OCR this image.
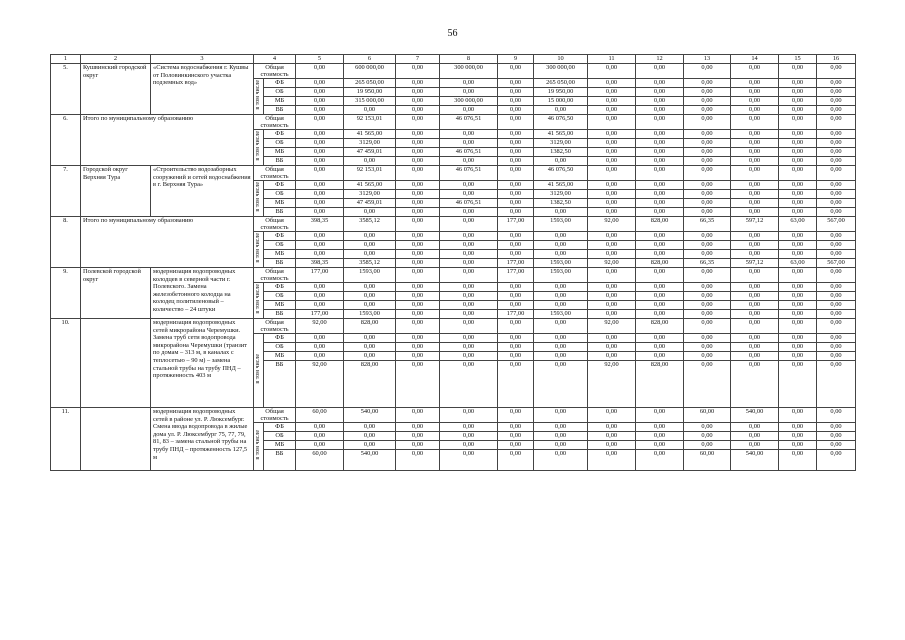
56
1	2	3	4		5	6	7	8	9	10	11	12	13	14	15	16
5.	Кушвинский городской округ	«Система водоснабжения г. Кушвы от Половинкинского участка подземных вод»	Общая стоимость		0,00	600 000,00	0,00	300 000,00	0,00	300 000,00	0,00	0,00	0,00	0,00	0,00	0,00
			в том числе	ФБ	0,00	265 050,00	0,00	0,00	0,00	265 050,00	0,00	0,00	0,00	0,00	0,00	0,00
				ОБ	0,00	19 950,00	0,00	0,00	0,00	19 950,00	0,00	0,00	0,00	0,00	0,00	0,00
				МБ	0,00	315 000,00	0,00	300 000,00	0,00	15 000,00	0,00	0,00	0,00	0,00	0,00	0,00
				ВБ	0,00	0,00	0,00	0,00	0,00	0,00	0,00	0,00	0,00	0,00	0,00	0,00
6.	Итого по муниципальному образованию		Общая стоимость		0,00	92 153,01	0,00	46 076,51	0,00	46 076,50	0,00	0,00	0,00	0,00	0,00	0,00
			в том числе	ФБ	0,00	41 565,00	0,00	0,00	0,00	41 565,00	0,00	0,00	0,00	0,00	0,00	0,00
				ОБ	0,00	3129,00	0,00	0,00	0,00	3129,00	0,00	0,00	0,00	0,00	0,00	0,00
				МБ	0,00	47 459,01	0,00	46 076,51	0,00	1382,50	0,00	0,00	0,00	0,00	0,00	0,00
				ВБ	0,00	0,00	0,00	0,00	0,00	0,00	0,00	0,00	0,00	0,00	0,00	0,00
7.	Городской округ Верхняя Тура	«Строительство водозаборных сооружений и сетей водоснабжения в г. Верхняя Тура»	Общая стоимость		0,00	92 153,01	0,00	46 076,51	0,00	46 076,50	0,00	0,00	0,00	0,00	0,00	0,00
			в том числе	ФБ	0,00	41 565,00	0,00	0,00	0,00	41 565,00	0,00	0,00	0,00	0,00	0,00	0,00
				ОБ	0,00	3129,00	0,00	0,00	0,00	3129,00	0,00	0,00	0,00	0,00	0,00	0,00
				МБ	0,00	47 459,01	0,00	46 076,51	0,00	1382,50	0,00	0,00	0,00	0,00	0,00	0,00
				ВБ	0,00	0,00	0,00	0,00	0,00	0,00	0,00	0,00	0,00	0,00	0,00	0,00
8.	Итого по муниципальному образованию		Общая стоимость		398,35	3585,12	0,00	0,00	177,00	1593,00	92,00	828,00	66,35	597,12	63,00	567,00
			в том числе	ФБ	0,00	0,00	0,00	0,00	0,00	0,00	0,00	0,00	0,00	0,00	0,00	0,00
				ОБ	0,00	0,00	0,00	0,00	0,00	0,00	0,00	0,00	0,00	0,00	0,00	0,00
				МБ	0,00	0,00	0,00	0,00	0,00	0,00	0,00	0,00	0,00	0,00	0,00	0,00
				ВБ	398,35	3585,12	0,00	0,00	177,00	1593,00	92,00	828,00	66,35	597,12	63,00	567,00
9.	Полевской городской округ	модернизация водопроводных колодцев в северной части г. Полевского. Замена железобетонного колодца на колодец политиленовый – количество – 24 штуки	Общая стоимость		177,00	1593,00	0,00	0,00	177,00	1593,00	0,00	0,00	0,00	0,00	0,00	0,00
			в том числе	ФБ	0,00	0,00	0,00	0,00	0,00	0,00	0,00	0,00	0,00	0,00	0,00	0,00
				ОБ	0,00	0,00	0,00	0,00	0,00	0,00	0,00	0,00	0,00	0,00	0,00	0,00
				МБ	0,00	0,00	0,00	0,00	0,00	0,00	0,00	0,00	0,00	0,00	0,00	0,00
				ВБ	177,00	1593,00	0,00	0,00	177,00	1593,00	0,00	0,00	0,00	0,00	0,00	0,00
10.		модернизация водопроводных сетей микрорайона Черемушки. Замена труб сети водопровода микрорайона Черемушки (транзит по домам – 313 м, в каналах с теплосетью – 90 м) – замена стальной трубы на трубу ПНД – протяженность 403 м	Общая стоимость		92,00	828,00	0,00	0,00	0,00	0,00	92,00	828,00	0,00	0,00	0,00	0,00
			в том числе	ФБ	0,00	0,00	0,00	0,00	0,00	0,00	0,00	0,00	0,00	0,00	0,00	0,00
				ОБ	0,00	0,00	0,00	0,00	0,00	0,00	0,00	0,00	0,00	0,00	0,00	0,00
				МБ	0,00	0,00	0,00	0,00	0,00	0,00	0,00	0,00	0,00	0,00	0,00	0,00
				ВБ	92,00	828,00	0,00	0,00	0,00	0,00	92,00	828,00	0,00	0,00	0,00	0,00
11.		модернизация водопроводных сетей в районе ул. Р. Люксембург. Смена ввода водопровода в жилые дома ул. Р. Люксембург 75, 77, 79, 81, 83 – замена стальной трубы на трубу ПНД – протяженность 127,5 м	Общая стоимость		60,00	540,00	0,00	0,00	0,00	0,00	0,00	0,00	60,00	540,00	0,00	0,00
			в том числе	ФБ	0,00	0,00	0,00	0,00	0,00	0,00	0,00	0,00	0,00	0,00	0,00	0,00
				ОБ	0,00	0,00	0,00	0,00	0,00	0,00	0,00	0,00	0,00	0,00	0,00	0,00
				МБ	0,00	0,00	0,00	0,00	0,00	0,00	0,00	0,00	0,00	0,00	0,00	0,00
				ВБ	60,00	540,00	0,00	0,00	0,00	0,00	0,00	0,00	60,00	540,00	0,00	0,00
